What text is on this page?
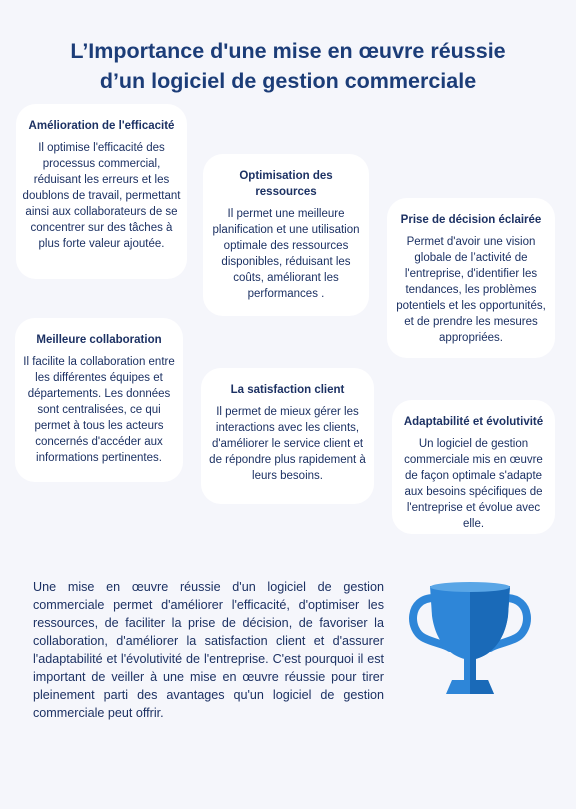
L’Importance d'une mise en œuvre réussie
d’un logiciel de gestion commerciale
Amélioration de l'efficacité

Il optimise l'efficacité des processus commercial, réduisant les erreurs et les doublons de travail, permettant ainsi aux collaborateurs de se concentrer sur des tâches à plus forte valeur ajoutée.

Optimisation des ressources

Il permet une meilleure planification et une utilisation optimale des ressources disponibles, réduisant les coûts, améliorant les performances .

Prise de décision éclairée

Permet d'avoir une vision globale de l’activité de l'entreprise, d'identifier les tendances, les problèmes potentiels et les opportunités, et de prendre les mesures appropriées.

Meilleure collaboration

Il facilite la collaboration entre les différentes équipes et départements. Les données sont centralisées, ce qui permet à tous les acteurs concernés d'accéder aux informations pertinentes.

La satisfaction client

Il permet de mieux gérer les interactions avec les clients, d'améliorer le service client et de répondre plus rapidement à leurs besoins.

Adaptabilité et évolutivité

Un logiciel de gestion commerciale mis en œuvre de façon optimale s'adapte aux besoins spécifiques de l'entreprise et évolue avec elle.

Une mise en œuvre réussie d'un logiciel de gestion commerciale permet d'améliorer l'efficacité, d'optimiser les ressources, de faciliter la prise de décision, de favoriser la collaboration, d'améliorer la satisfaction client et d'assurer l'adaptabilité et l'évolutivité de l'entreprise. C'est pourquoi il est important de veiller à une mise en œuvre réussie pour tirer pleinement parti des avantages qu'un logiciel de gestion commerciale peut offrir.
